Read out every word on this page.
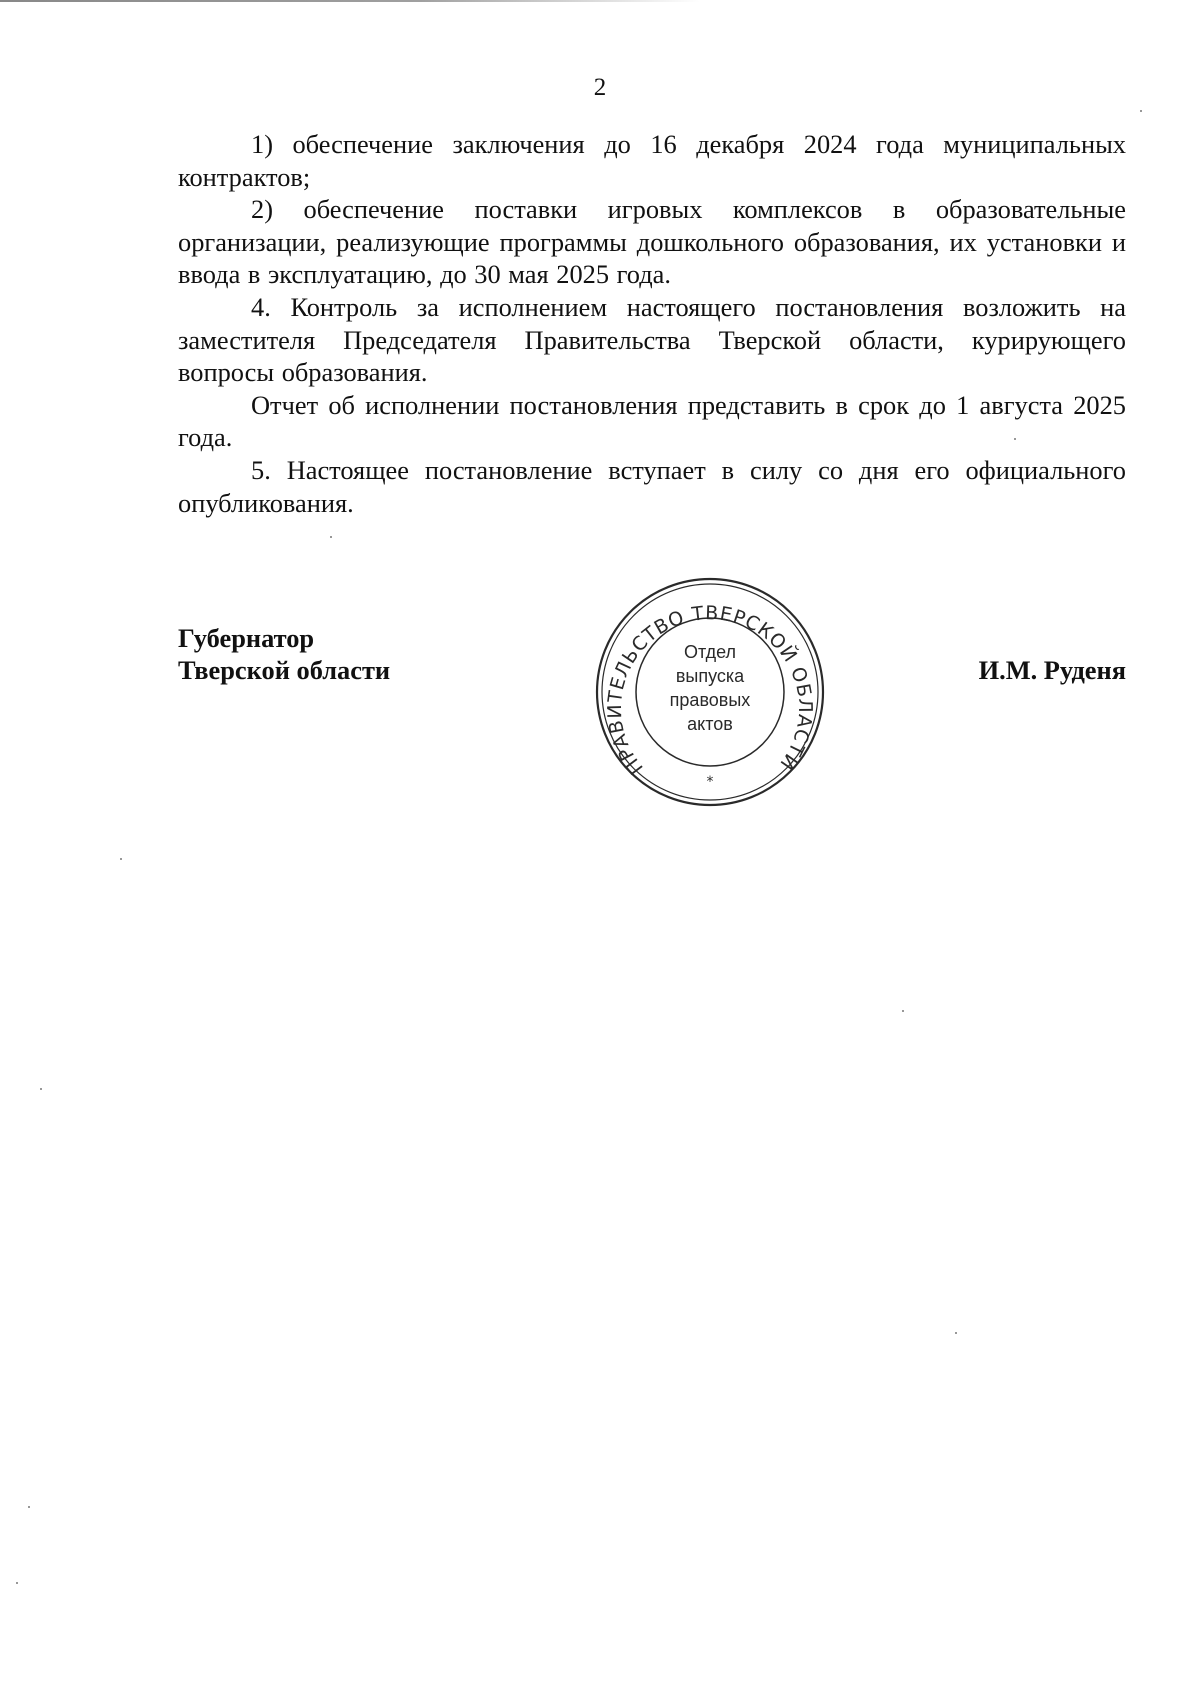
2

1) обеспечение заключения до 16 декабря 2024 года муниципальных контрактов;

2) обеспечение поставки игровых комплексов в образовательные организации, реализующие программы дошкольного образования, их установки и ввода в эксплуатацию, до 30 мая 2025 года.

4. Контроль за исполнением настоящего постановления возложить на заместителя Председателя Правительства Тверской области, курирующего вопросы образования.

Отчет об исполнении постановления представить в срок до 1 августа 2025 года.

5. Настоящее постановление вступает в силу со дня его официального опубликования.

Губернатор
Тверской области	И.М. Руденя
ПРАВИТЕЛЬСТВО ТВЕРСКОЙ ОБЛАСТИ
*
Отдел
выпуска
правовых
актов
